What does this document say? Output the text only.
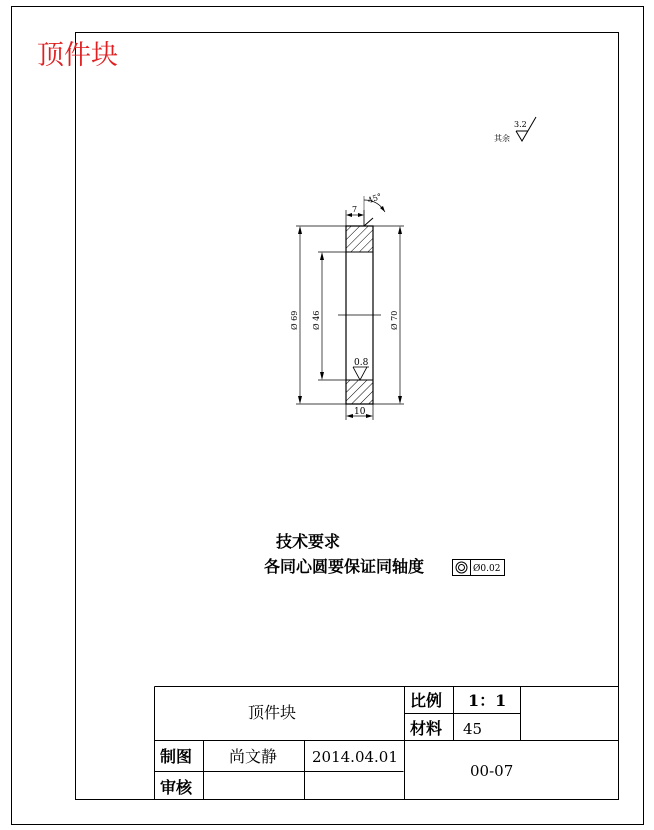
顶件块
3.2
其余
Ø 69 Ø 46	Ø 70
10
7
45°
0.8
技术要求
各同心圆要保证同轴度	Ø0.02
顶件块
比例 1：1
材料 45
制图 尚文静 2014.04.01
审核
00-07
